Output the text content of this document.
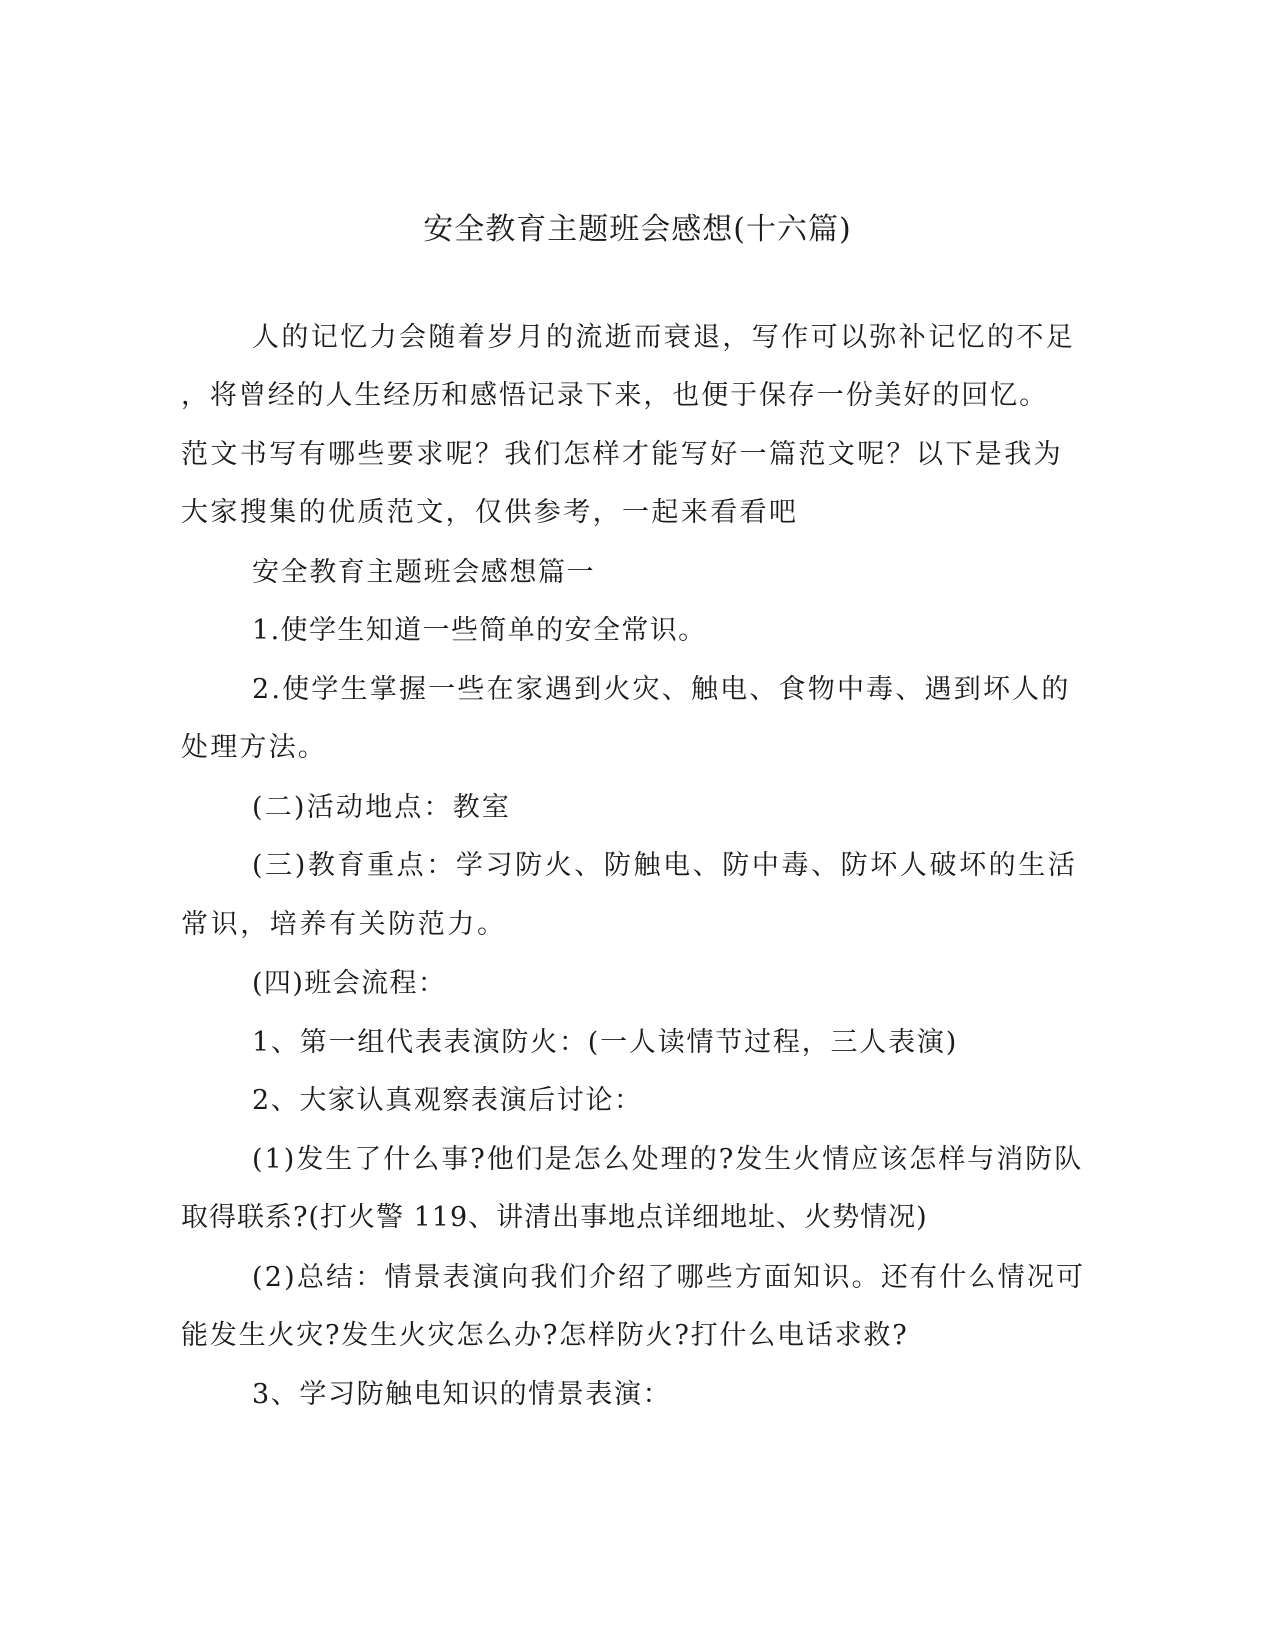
安全教育主题班会感想(十六篇)
人的记忆力会随着岁月的流逝而衰退，写作可以弥补记忆的不足
，将曾经的人生经历和感悟记录下来，也便于保存一份美好的回忆。
范文书写有哪些要求呢？我们怎样才能写好一篇范文呢？以下是我为
大家搜集的优质范文，仅供参考，一起来看看吧
安全教育主题班会感想篇一
1.使学生知道一些简单的安全常识。
2.使学生掌握一些在家遇到火灾、触电、食物中毒、遇到坏人的
处理方法。
(二)活动地点：教室
(三)教育重点：学习防火、防触电、防中毒、防坏人破坏的生活
常识，培养有关防范力。
(四)班会流程：
1、第一组代表表演防火：(一人读情节过程，三人表演)
2、大家认真观察表演后讨论：
(1)发生了什么事?他们是怎么处理的?发生火情应该怎样与消防队
取得联系?(打火警 119、讲清出事地点详细地址、火势情况)
(2)总结：情景表演向我们介绍了哪些方面知识。还有什么情况可
能发生火灾?发生火灾怎么办?怎样防火?打什么电话求救?
3、学习防触电知识的情景表演：
